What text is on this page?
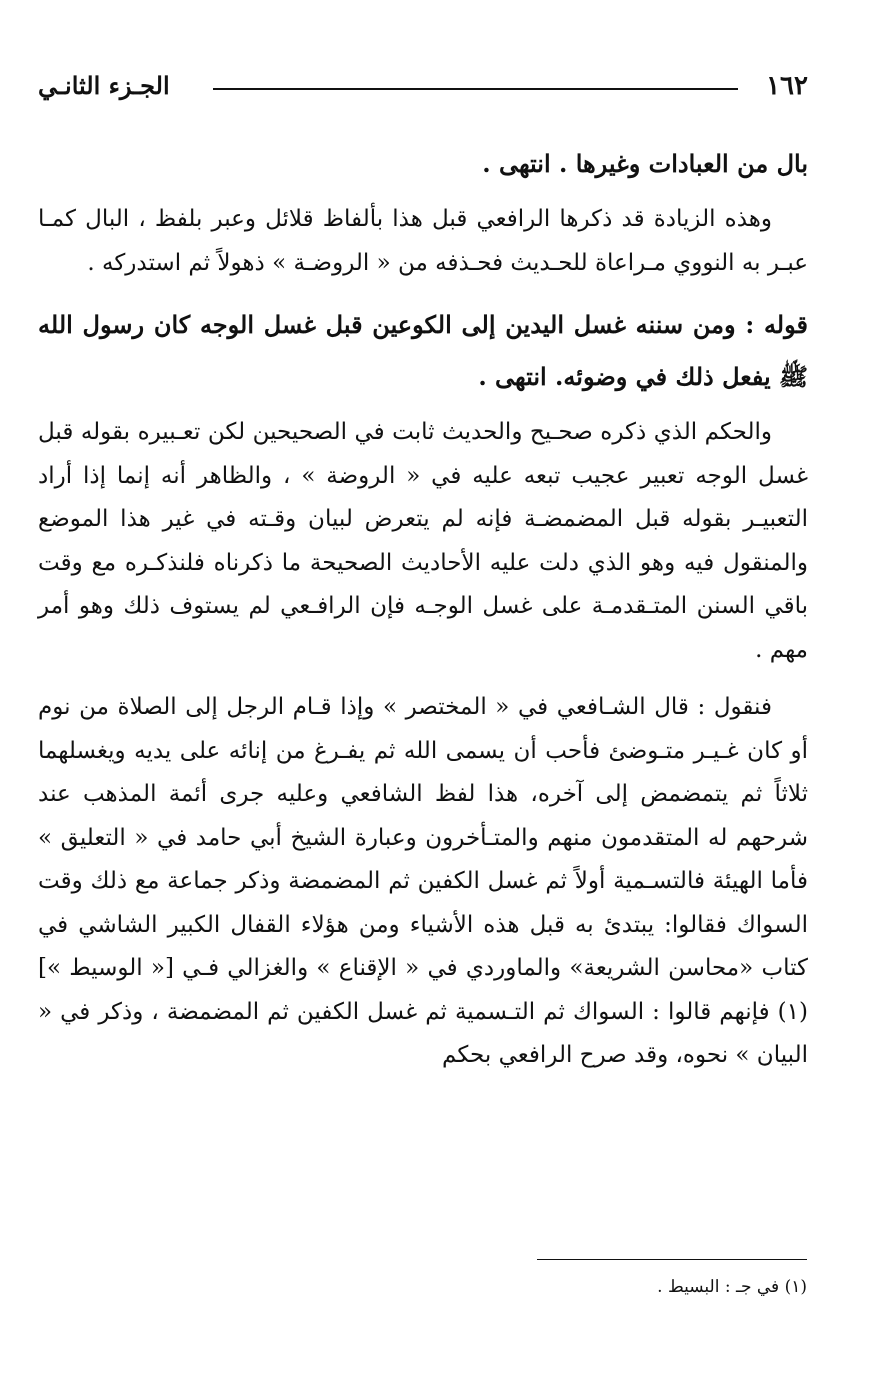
١٦٢
الجـزء الثانـي

بال من العبادات وغيرها . انتهى .

وهذه الزيادة قد ذكرها الرافعي قبل هذا بألفاظ قلائل وعبر بلفظ ، البال كمـا عبـر به النووي مـراعاة للحـديث فحـذفه من « الروضـة » ذهولاً ثم استدركه .

قوله : ومن سننه غسل اليدين إلى الكوعين قبل غسل الوجه كان رسول الله ﷺ يفعل ذلك في وضوئه. انتهى .

والحكم الذي ذكره صحـيح والحديث ثابت في الصحيحين لكن تعـبيره بقوله قبل غسل الوجه تعبير عجيب تبعه عليه في « الروضة » ، والظاهر أنه إنما إذا أراد التعبيـر بقوله قبل المضمضـة فإنه لم يتعرض لبيان وقـته في غير هذا الموضع والمنقول فيه وهو الذي دلت عليه الأحاديث الصحيحة ما ذكرناه فلنذكـره مع وقت باقي السنن المتـقدمـة على غسل الوجـه فإن الرافـعي لم يستوف ذلك وهو أمر مهم .

فنقول : قال الشـافعي في « المختصر » وإذا قـام الرجل إلى الصلاة من نوم أو كان غـيـر متـوضئ فأحب أن يسمى الله ثم يفـرغ من إنائه على يديه ويغسلهما ثلاثاً ثم يتمضمض إلى آخره، هذا لفظ الشافعي وعليه جرى أئمة المذهب عند شرحهم له المتقدمون منهم والمتـأخرون وعبارة الشيخ أبي حامد في « التعليق » فأما الهيئة فالتسـمية أولاً ثم غسل الكفين ثم المضمضة وذكر جماعة مع ذلك وقت السواك فقالوا: يبتدئ به قبل هذه الأشياء ومن هؤلاء القفال الكبير الشاشي في كتاب «محاسن الشريعة» والماوردي في « الإقناع » والغزالي فـي [« الوسيط »](١) فإنهم قالوا : السواك ثم التـسمية ثم غسل الكفين ثم المضمضة ، وذكر في « البيان » نحوه، وقد صرح الرافعي بحكم

(١) في جـ : البسيط .
